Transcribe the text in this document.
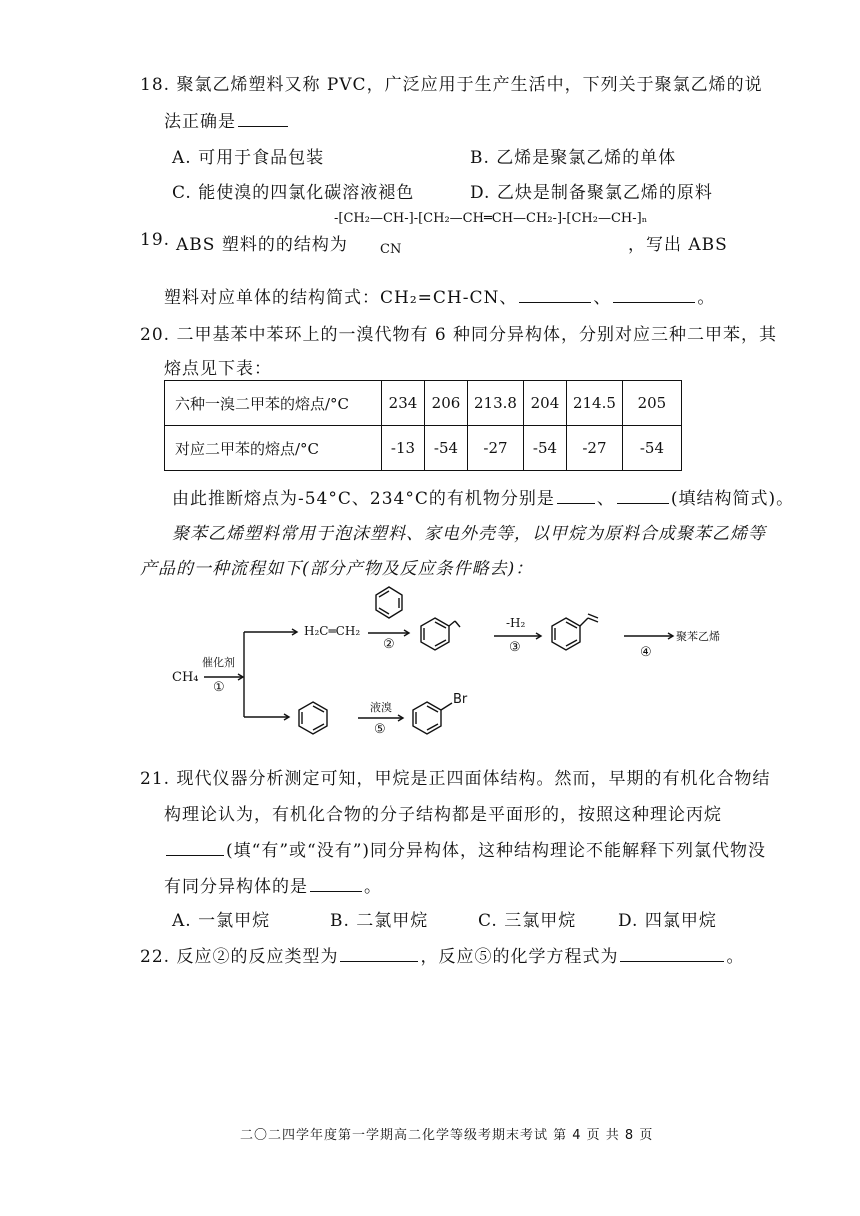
18. 聚氯乙烯塑料又称 PVC，广泛应用于生产生活中，下列关于聚氯乙烯的说
法正确是
A. 可用于食品包装	B. 乙烯是聚氯乙烯的单体
C. 能使溴的四氯化碳溶液褪色	D. 乙炔是制备聚氯乙烯的原料
-[CH₂—CH-]-[CH₂—CH═CH—CH₂-]-[CH₂—CH-]ₙ
CN
19. ABS 塑料的的结构为	，写出 ABS
塑料对应单体的结构简式：CH₂=CH-CN、	、	。
20. 二甲基苯中苯环上的一溴代物有 6 种同分异构体，分别对应三种二甲苯，其
熔点见下表：
六种一溴二甲苯的熔点/°C	234	206	213.8	204	214.5	205
对应二甲苯的熔点/°C	-13	-54	-27	-54	-27	-54
由此推断熔点为-54°C、234°C的有机物分别是 、	(填结构简式)。
聚苯乙烯塑料常用于泡沫塑料、家电外壳等，以甲烷为原料合成聚苯乙烯等
产品的一种流程如下(部分产物及反应条件略去)：
CH₄
催化剂
①
H₂C═CH₂
②
-H₂
③
聚苯乙烯
④
液溴
⑤
Br
21. 现代仪器分析测定可知，甲烷是正四面体结构。然而，早期的有机化合物结
构理论认为，有机化合物的分子结构都是平面形的，按照这种理论丙烷
(填“有”或“没有”)同分异构体，这种结构理论不能解释下列氯代物没
有同分异构体的是	。
A. 一氯甲烷	B. 二氯甲烷	C. 三氯甲烷 D. 四氯甲烷
22. 反应②的反应类型为	，反应⑤的化学方程式为	。
二〇二四学年度第一学期高二化学等级考期末考试 第 4 页 共 8 页
